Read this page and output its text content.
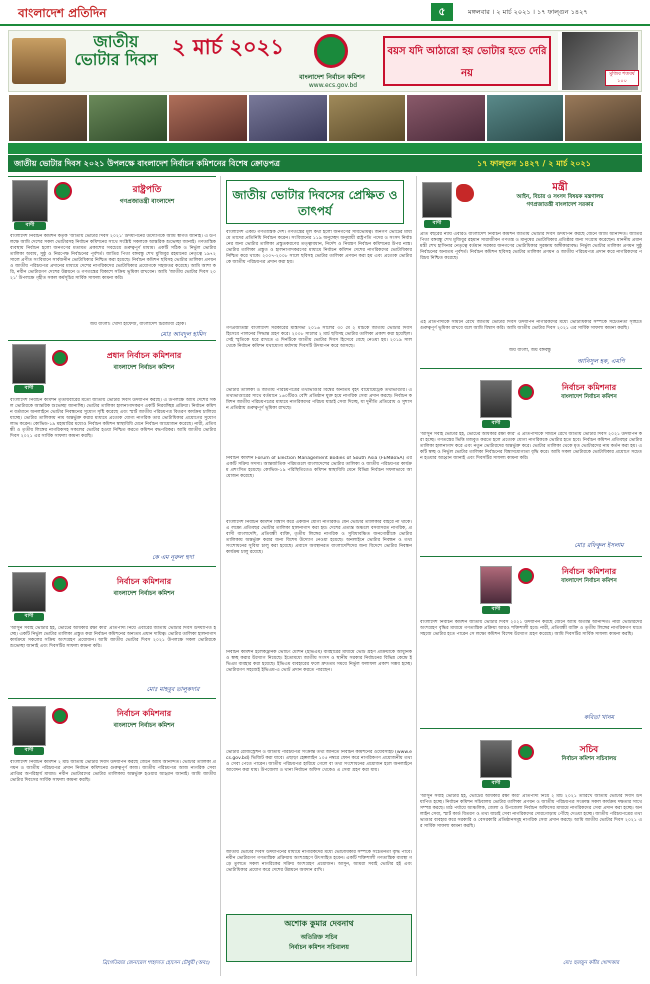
বাংলাদেশ প্রতিদিন	৫	মঙ্গলবার । ২ মার্চ ২০২১ । ১৭ ফাল্গুন ১৪২৭
জাতীয় ভোটার দিবস
২ মার্চ ২০২১
বাংলাদেশ নির্বাচন কমিশন
www.ecs.gov.bd
বয়স যদি আঠারো হয় ভোটার হতে দেরি নয়	মুজিব শতবর্ষ ১০০
জাতীয় ভোটার দিবস ২০২১ উপলক্ষে বাংলাদেশ নির্বাচন কমিশনের বিশেষ ক্রোড়পত্র	১৭ ফাল্গুন ১৪২৭ / ২ মার্চ ২০২১
বাণী
রাষ্ট্রপতি
গণপ্রজাতন্ত্রী বাংলাদেশ
বাংলাদেশ নির্বাচন কমিশন কর্তৃক 'জাতীয় ভোটার দিবস ২০২১' উদযাপনের উদ্যোগকে আমি স্বাগত জানাই। এ উপলক্ষে আমি দেশের সকল ভোটারসহ নির্বাচন কমিশনের সাথে সংশ্লিষ্ট সকলকে আন্তরিক শুভেচ্ছা জানাই। গণতান্ত্রিক ব্যবস্থায় নির্বাচন হলো জনগণের মতামত প্রকাশের সবচেয়ে গুরুত্বপূর্ণ মাধ্যম। একটি সঠিক ও নির্ভুল ভোটার তালিকা অবাধ, সুষ্ঠু ও নিরপেক্ষ নির্বাচনের পূর্বশর্ত। জাতির পিতা বঙ্গবন্ধু শেখ মুজিবুর রহমানের নেতৃত্বে ১৯৭২ সালে প্রণীত সংবিধানে সার্বজনীন ভোটাধিকার নিশ্চিত করা হয়েছে। নির্বাচন কমিশন ছবিসহ ভোটার তালিকা প্রণয়ন ও জাতীয় পরিচয়পত্র প্রদানের মাধ্যমে দেশের নাগরিকদের ভোটাধিকার প্রয়োগকে সহজতর করেছে। আমি আশা করি, নবীন ভোটারগণ দেশের উন্নয়নে ও গণতন্ত্রের বিকাশে সক্রিয় ভূমিকা রাখবেন। আমি 'জাতীয় ভোটার দিবস ২০২১' উপলক্ষে গৃহীত সকল কর্মসূচির সার্বিক সাফল্য কামনা করি।
জয় বাংলা। খোদা হাফেজ, বাংলাদেশ চিরজীবী হোক।
মোঃ আবদুল হামিদ
বাণী
প্রধান নির্বাচন কমিশনার
বাংলাদেশ নির্বাচন কমিশন
বাংলাদেশ নির্বাচন কমিশন তৃতীয়বারের মতো জাতীয় ভোটার দিবস উদযাপন করছে। এ উপলক্ষে আমি দেশের সকল ভোটারকে আন্তরিক শুভেচ্ছা জানাচ্ছি। ভোটার তালিকা হালনাগাদকরণ একটি নিরবচ্ছিন্ন প্রক্রিয়া। নির্বাচন কমিশন বর্তমানে অনলাইনে ভোটার নিবন্ধনের সুযোগ সৃষ্টি করেছে এবং স্মার্ট জাতীয় পরিচয়পত্র বিতরণ কার্যক্রম চালিয়ে যাচ্ছে। ভোটার তালিকায় নাম অন্তর্ভুক্ত করার মাধ্যমে প্রত্যেক যোগ্য নাগরিক তার ভোটাধিকার প্রয়োগের সুযোগ লাভ করেন। কোভিড-১৯ মহামারির মধ্যেও নির্বাচন কমিশন স্বাস্থ্যবিধি মেনে নির্বাচন আয়োজন করেছে। নারী, প্রতিবন্ধী ও তৃতীয় লিঙ্গের নাগরিকসহ সকলের ভোটার হওয়া নিশ্চিত করতে কমিশন বদ্ধপরিকর। আমি জাতীয় ভোটার দিবস ২০২১ এর সার্বিক সাফল্য কামনা করছি।
কে এম নূরুল হুদা
বাণী
নির্বাচন কমিশনার
বাংলাদেশ নির্বাচন কমিশন
'আসুন সবাই ভোটার হই, ভোটের অধিকার রক্ষা করি' প্রতিপাদ্য নিয়ে এবারের জাতীয় ভোটার দিবস উদযাপিত হচ্ছে। একটি নির্ভুল ভোটার তালিকা প্রস্তুত করা নির্বাচন কমিশনের অন্যতম প্রধান দায়িত্ব। ভোটার তালিকা হালনাগাদ কার্যক্রমে সকলের সক্রিয় অংশগ্রহণ প্রয়োজন। আমি জাতীয় ভোটার দিবস ২০২১ উপলক্ষে সকল ভোটারকে শুভেচ্ছা জানাই এবং দিবসটির সাফল্য কামনা করি।
মোঃ মাহবুব তালুকদার
বাণী
নির্বাচন কমিশনার
বাংলাদেশ নির্বাচন কমিশন
বাংলাদেশ নির্বাচন কমিশন ২ মার্চ জাতীয় ভোটার দিবস উদযাপন করছে জেনে আমি আনন্দিত। ভোটার তালিকা প্রণয়ন ও জাতীয় পরিচয়পত্র প্রদান নির্বাচন কমিশনের গুরুত্বপূর্ণ কাজ। জাতীয় পরিচয়পত্র আজ নাগরিক সেবা প্রাপ্তির অপরিহার্য মাধ্যম। নবীন ভোটারদের ভোটার তালিকায় অন্তর্ভুক্ত হওয়ার আহ্বান জানাই। আমি জাতীয় ভোটার দিবসের সার্বিক সাফল্য কামনা করছি।
ব্রিগেডিয়ার জেনারেল শাহাদাত হোসেন চৌধুরী (অবঃ)
জাতীয় ভোটার দিবসের প্রেক্ষিত ও তাৎপর্য
বাংলাদেশ একটি গণতান্ত্রিক দেশ। গণতন্ত্রের মূল কথা হলো জনগণের সার্বভৌমত্ব। জনগণ ভোটের মাধ্যমে তাদের প্রতিনিধি নির্বাচন করেন। সংবিধানের ১১৯ অনুচ্ছেদ অনুযায়ী রাষ্ট্রপতি পদের ও সংসদ নির্বাচনের জন্য ভোটার তালিকা প্রস্তুতকরণের তত্ত্বাবধান, নির্দেশ ও নিয়ন্ত্রণ নির্বাচন কমিশনের উপর ন্যস্ত। ভোটার তালিকা প্রস্তুত ও হালনাগাদকরণের মাধ্যমে নির্বাচন কমিশন দেশের নাগরিকদের ভোটাধিকার নিশ্চিত করে থাকে। ২০০৭-২০০৮ সালে ছবিসহ ভোটার তালিকা প্রণয়ন করা হয় এবং প্রত্যেক ভোটারকে জাতীয় পরিচয়পত্র প্রদান করা হয়।
গণপ্রজাতন্ত্রী বাংলাদেশ সরকারের মন্ত্রিসভা ২০১৬ সালের ৩০ মে ২ মার্চকে জাতীয় ভোটার দিবস হিসেবে পালনের সিদ্ধান্ত গ্রহণ করে। ২০০৮ সালের ২ মার্চ ছবিসহ ভোটার তালিকা প্রকাশ করা হয়েছিল। সেই স্মৃতিকে ধরে রাখতে এ দিনটিকে জাতীয় ভোটার দিবস হিসেবে বেছে নেওয়া হয়। ২০১৯ সাল থেকে নির্বাচন কমিশন যথাযোগ্য মর্যাদায় দিবসটি উদযাপন করে আসছে।
ভোটার তালিকা ও জাতীয় পরিচয়পত্রের তথ্যভাণ্ডার বিশ্বের অন্যতম বৃহৎ বায়োমেট্রিক তথ্যভাণ্ডার। এ তথ্যভাণ্ডারের সাথে বর্তমানে ১৬০টিরও বেশি প্রতিষ্ঠান যুক্ত হয়ে নাগরিক সেবা প্রদান করছে। নির্বাচন কমিশন জাতীয় পরিচয়পত্রের মাধ্যমে নাগরিকদের পরিচয় যাচাই সেবা দিচ্ছে, যা দুর্নীতি প্রতিরোধ ও সুশাসন প্রতিষ্ঠায় গুরুত্বপূর্ণ ভূমিকা রাখছে।
নির্বাচন কমিশন Forum of Election Management Bodies of South Asia (FEMBoSA) এর একটি সক্রিয় সদস্য। আন্তর্জাতিক পরিমণ্ডলে বাংলাদেশের ভোটার তালিকা ও জাতীয় পরিচয়পত্র কার্যক্রম প্রশংসিত হয়েছে। কোভিড-১৯ পরিস্থিতিতেও কমিশন স্বাস্থ্যবিধি মেনে বিভিন্ন নির্বাচন সফলভাবে আয়োজন করেছে।
বাংলাদেশ নির্বাচন কমিশন বিশ্বাস করে একজন যোগ্য নাগরিকও যেন ভোটার তালিকার বাইরে না থাকে। এ লক্ষ্যে প্রতিবছর ভোটার তালিকা হালনাগাদ করা হয়। দেশের প্রত্যন্ত অঞ্চলে বসবাসরত নাগরিক, প্রবাসী বাংলাদেশি, প্রতিবন্ধী ব্যক্তি, তৃতীয় লিঙ্গের নাগরিক ও সুবিধাবঞ্চিত জনগোষ্ঠীকে ভোটার তালিকায় অন্তর্ভুক্ত করার জন্য বিশেষ উদ্যোগ নেওয়া হয়েছে। অনলাইনে ভোটার নিবন্ধন ও তথ্য সংশোধনের সুবিধা চালু করা হয়েছে। প্রবাসে অবস্থানরত বাংলাদেশিদের জন্য বিদেশে ভোটার নিবন্ধন কার্যক্রম চালু রয়েছে।
নির্বাচন কমিশন ইলেকট্রনিক ভোটিং মেশিন (ইভিএম) ব্যবহারের মাধ্যমে ভোট গ্রহণ প্রক্রিয়াকে আধুনিক ও স্বচ্ছ করার উদ্যোগ নিয়েছে। ইতোমধ্যে জাতীয় সংসদ ও স্থানীয় সরকার নির্বাচনের বিভিন্ন কেন্দ্রে ইভিএম ব্যবহার করা হয়েছে। ইভিএম ব্যবহারের ফলে দ্রুততম সময়ে নির্ভুল ফলাফল প্রকাশ সম্ভব হচ্ছে। ভোটারগণ সহজেই ইভিএম-এ ভোট প্রদান করতে পারছেন।
ভোটার রেজিস্ট্রেশন ও জাতীয় পরিচয়পত্র সংক্রান্ত তথ্য জানতে নির্বাচন কমিশনের ওয়েবসাইট (www.ecs.gov.bd) ভিজিট করা যাবে। এছাড়া হেল্পলাইন ১০৫ নম্বরে ফোন করে নাগরিকগণ প্রয়োজনীয় তথ্য ও সেবা পেতে পারেন। জাতীয় পরিচয়পত্র হারিয়ে গেলে বা তথ্য সংশোধনের প্রয়োজন হলে অনলাইনে আবেদন করা যায়। উপজেলা ও থানা নির্বাচন অফিস থেকেও এ সেবা গ্রহণ করা যায়।
জাতীয় ভোটার দিবস উদযাপনের মাধ্যমে নাগরিকদের মধ্যে ভোটাধিকার সম্পর্কে সচেতনতা বৃদ্ধি পাবে। নবীন ভোটারগণ গণতান্ত্রিক প্রক্রিয়ায় অংশগ্রহণে উৎসাহিত হবেন। একটি শক্তিশালী গণতান্ত্রিক ব্যবস্থা গড়ে তুলতে সকল নাগরিকের সক্রিয় অংশগ্রহণ প্রয়োজন। আসুন, আমরা সবাই ভোটার হই এবং ভোটাধিকার প্রয়োগ করে দেশের উন্নয়নে অবদান রাখি।
অশোক কুমার দেবনাথ
অতিরিক্ত সচিব
নির্বাচন কমিশন সচিবালয়
বাণী
মন্ত্রী
আইন, বিচার ও সংসদ বিষয়ক মন্ত্রণালয়
গণপ্রজাতন্ত্রী বাংলাদেশ সরকার
প্রতি বছরের ন্যায় এবারও বাংলাদেশ নির্বাচন কমিশন জাতীয় ভোটার দিবস উদযাপন করছে জেনে আমি আনন্দিত। জাতির পিতা বঙ্গবন্ধু শেখ মুজিবুর রহমান সারাজীবন গণতন্ত্র ও মানুষের ভোটাধিকার প্রতিষ্ঠার জন্য সংগ্রাম করেছেন। মাননীয় প্রধানমন্ত্রী শেখ হাসিনার নেতৃত্বে বর্তমান সরকার জনগণের ভোটাধিকার সুরক্ষায় অঙ্গীকারাবদ্ধ। নির্ভুল ভোটার তালিকা প্রণয়ন সুষ্ঠু নির্বাচনের অন্যতম পূর্বশর্ত। নির্বাচন কমিশন ছবিসহ ভোটার তালিকা প্রণয়ন ও জাতীয় পরিচয়পত্র প্রদান করে নাগরিকদের পরিচয় নিশ্চিত করেছে।
এই প্রতিপাদ্যকে সামনে রেখে জাতীয় ভোটার দিবস উদযাপন নাগরিকদের মধ্যে ভোটাধিকার সম্পর্কে সচেতনতা সৃষ্টিতে গুরুত্বপূর্ণ ভূমিকা রাখবে বলে আমি বিশ্বাস করি। আমি জাতীয় ভোটার দিবস ২০২১ এর সার্বিক সাফল্য কামনা করছি।
জয় বাংলা, জয় বঙ্গবন্ধু
আনিসুল হক, এমপি
বাণী
নির্বাচন কমিশনার
বাংলাদেশ নির্বাচন কমিশন
'আসুন সবাই ভোটার হই, ভোটের অধিকার রক্ষা করি' এ প্রতিপাদ্যকে সামনে রেখে জাতীয় ভোটার দিবস ২০২১ উদযাপন করা হচ্ছে। গণতন্ত্রের ভিত্তি মজবুত করতে হলে প্রত্যেক যোগ্য নাগরিককে ভোটার হতে হবে। নির্বাচন কমিশন প্রতিবছর ভোটার তালিকা হালনাগাদ করে এবং নতুন ভোটারদের অন্তর্ভুক্ত করে। ভোটার তালিকা থেকে মৃত ভোটারদের নাম কর্তন করা হয়। একটি স্বচ্ছ ও নির্ভুল ভোটার তালিকা নির্বাচনের বিশ্বাসযোগ্যতা বৃদ্ধি করে। আমি সকল ভোটারকে ভোটাধিকার প্রয়োগে সচেতন হওয়ার আহ্বান জানাই এবং দিবসটির সাফল্য কামনা করি।
মোঃ রফিকুল ইসলাম
বাণী
নির্বাচন কমিশনার
বাংলাদেশ নির্বাচন কমিশন
বাংলাদেশ নির্বাচন কমিশন জাতীয় ভোটার দিবস ২০২১ উদযাপন করছে জেনে আমি অত্যন্ত আনন্দিত। নারী ভোটারদের অংশগ্রহণ বৃদ্ধির মাধ্যমে গণতান্ত্রিক প্রক্রিয়া আরও শক্তিশালী হবে। নারী, প্রতিবন্ধী ব্যক্তি ও তৃতীয় লিঙ্গের নাগরিকগণ যাতে সহজে ভোটার হতে পারেন সে লক্ষ্যে কমিশন বিশেষ উদ্যোগ গ্রহণ করেছে। আমি দিবসটির সার্বিক সাফল্য কামনা করছি।
কবিতা খানম
বাণী
সচিব
নির্বাচন কমিশন সচিবালয়
'আসুন সবাই ভোটার হই, ভোটের অধিকার রক্ষা করি' প্রতিপাদ্য নিয়ে ২ মার্চ ২০২১ তারিখে জাতীয় ভোটার দিবস উদযাপিত হচ্ছে। নির্বাচন কমিশন সচিবালয় ভোটার তালিকা প্রণয়ন ও জাতীয় পরিচয়পত্র সংক্রান্ত সকল কার্যক্রম দক্ষতার সাথে সম্পন্ন করছে। মাঠ পর্যায়ে আঞ্চলিক, জেলা ও উপজেলা নির্বাচন অফিসের মাধ্যমে নাগরিকদের সেবা প্রদান করা হচ্ছে। অনলাইন সেবা, স্মার্ট কার্ড বিতরণ ও তথ্য যাচাই সেবা নাগরিকদের দোরগোড়ায় পৌঁছে দেওয়া হচ্ছে। জাতীয় পরিচয়পত্রের তথ্যভাণ্ডার ব্যবহার করে সরকারি ও বেসরকারি প্রতিষ্ঠানসমূহ নাগরিক সেবা প্রদান করছে। আমি জাতীয় ভোটার দিবস ২০২১ এর সার্বিক সাফল্য কামনা করছি।
মোঃ হুমায়ুন কবীর খোন্দকার
